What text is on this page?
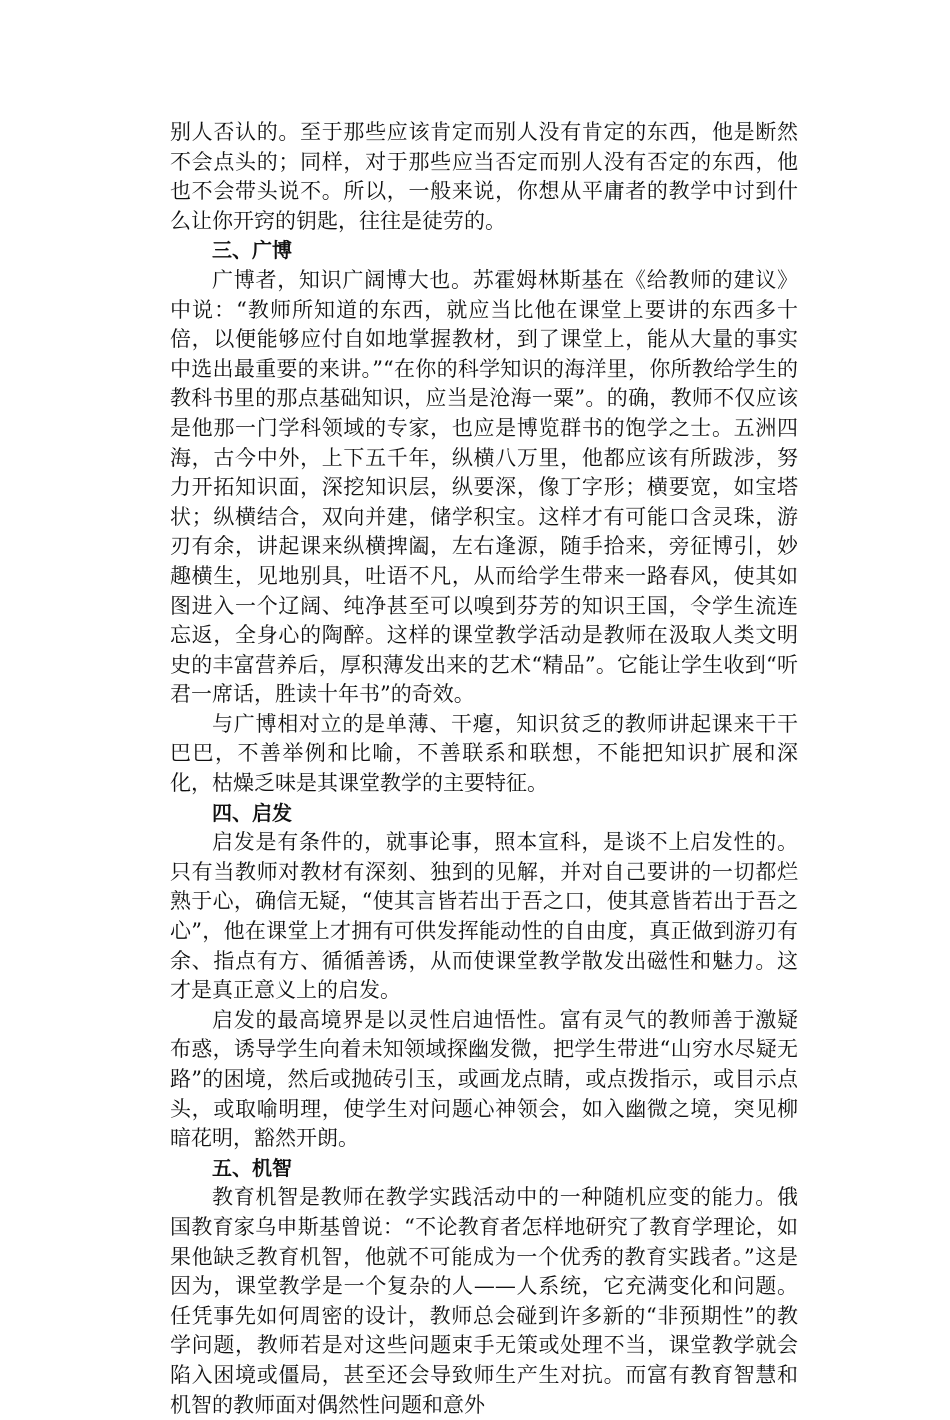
别人否认的。至于那些应该肯定而别人没有肯定的东西，他是断然不会点头的；同样，对于那些应当否定而别人没有否定的东西，他也不会带头说不。所以，一般来说，你想从平庸者的教学中讨到什么让你开窍的钥匙，往往是徒劳的。

三、广博

广博者，知识广阔博大也。苏霍姆林斯基在《给教师的建议》中说：“教师所知道的东西，就应当比他在课堂上要讲的东西多十倍，以便能够应付自如地掌握教材，到了课堂上，能从大量的事实中选出最重要的来讲。”“在你的科学知识的海洋里，你所教给学生的教科书里的那点基础知识，应当是沧海一粟”。的确，教师不仅应该是他那一门学科领域的专家，也应是博览群书的饱学之士。五洲四海，古今中外，上下五千年，纵横八万里，他都应该有所跋涉，努力开拓知识面，深挖知识层，纵要深，像丁字形；横要宽，如宝塔状；纵横结合，双向并建，储学积宝。这样才有可能口含灵珠，游刃有余，讲起课来纵横捭阖，左右逢源，随手拾来，旁征博引，妙趣横生，见地别具，吐语不凡，从而给学生带来一路春风，使其如图进入一个辽阔、纯净甚至可以嗅到芬芳的知识王国，令学生流连忘返，全身心的陶醉。这样的课堂教学活动是教师在汲取人类文明史的丰富营养后，厚积薄发出来的艺术“精品”。它能让学生收到“听君一席话，胜读十年书”的奇效。

与广博相对立的是单薄、干瘪，知识贫乏的教师讲起课来干干巴巴，不善举例和比喻，不善联系和联想，不能把知识扩展和深化，枯燥乏味是其课堂教学的主要特征。

四、启发

启发是有条件的，就事论事，照本宣科，是谈不上启发性的。只有当教师对教材有深刻、独到的见解，并对自己要讲的一切都烂熟于心，确信无疑，“使其言皆若出于吾之口，使其意皆若出于吾之心”，他在课堂上才拥有可供发挥能动性的自由度，真正做到游刃有余、指点有方、循循善诱，从而使课堂教学散发出磁性和魅力。这才是真正意义上的启发。

启发的最高境界是以灵性启迪悟性。富有灵气的教师善于激疑布惑，诱导学生向着未知领域探幽发微，把学生带进“山穷水尽疑无路”的困境，然后或抛砖引玉，或画龙点睛，或点拨指示，或目示点头，或取喻明理，使学生对问题心神领会，如入幽微之境，突见柳暗花明，豁然开朗。

五、机智

教育机智是教师在教学实践活动中的一种随机应变的能力。俄国教育家乌申斯基曾说：“不论教育者怎样地研究了教育学理论，如果他缺乏教育机智，他就不可能成为一个优秀的教育实践者。”这是因为，课堂教学是一个复杂的人——人系统，它充满变化和问题。任凭事先如何周密的设计，教师总会碰到许多新的“非预期性”的教学问题，教师若是对这些问题束手无策或处理不当，课堂教学就会陷入困境或僵局，甚至还会导致师生产生对抗。而富有教育智慧和机智的教师面对偶然性问题和意外
